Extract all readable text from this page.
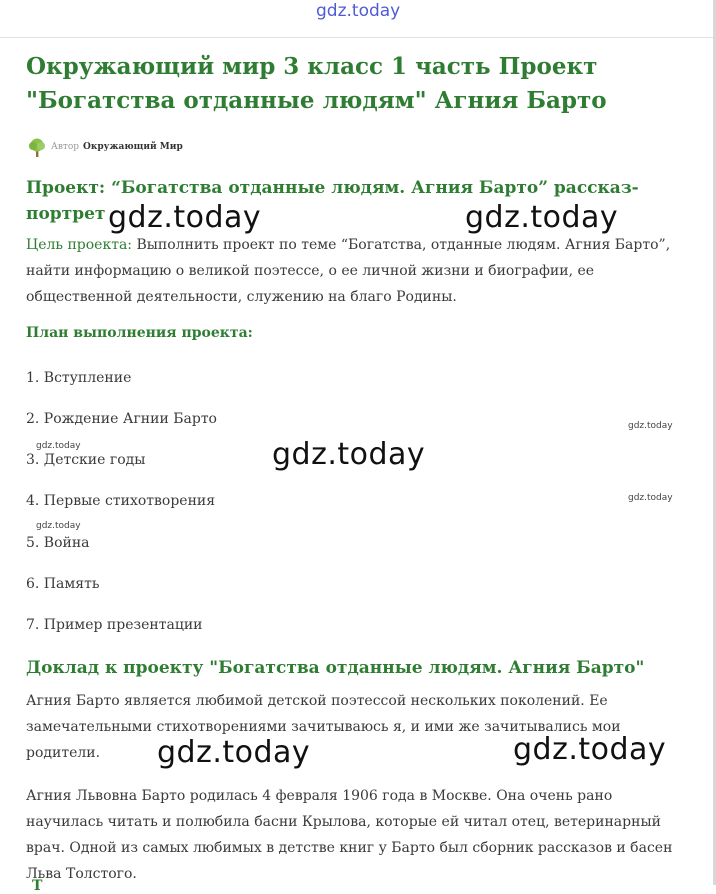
gdz.today
Окружающий мир 3 класс 1 часть Проект "Богатства отданные людям" Агния Барто
Автор Окружающий Мир
Проект: “Богатства отданные людям. Агния Барто” рассказ-портрет

Цель проекта: Выполнить проект по теме “Богатства, отданные людям. Агния Барто”, найти информацию о великой поэтессе, о ее личной жизни и биографии, ее общественной деятельности, служению на благо Родины.

План выполнения проекта:

1. Вступление

2. Рождение Агнии Барто

3. Детские годы

4. Первые стихотворения

5. Война

6. Память

7. Пример презентации

Доклад к проекту "Богатства отданные людям. Агния Барто"

Агния Барто является любимой детской поэтессой нескольких поколений. Ее замечательными стихотворениями зачитываюсь я, и ими же зачитывались мои родители.

Агния Львовна Барто родилась 4 февраля 1906 года в Москве. Она очень рано научилась читать и полюбила басни Крылова, которые ей читал отец, ветеринарный врач. Одной из самых любимых в детстве книг у Барто был сборник рассказов и басен Льва Толстого.

Т
gdz.today	gdz.today
gdz.today
gdz.today	gdz.today
gdz.today
gdz.today
gdz.today
gdz.today
